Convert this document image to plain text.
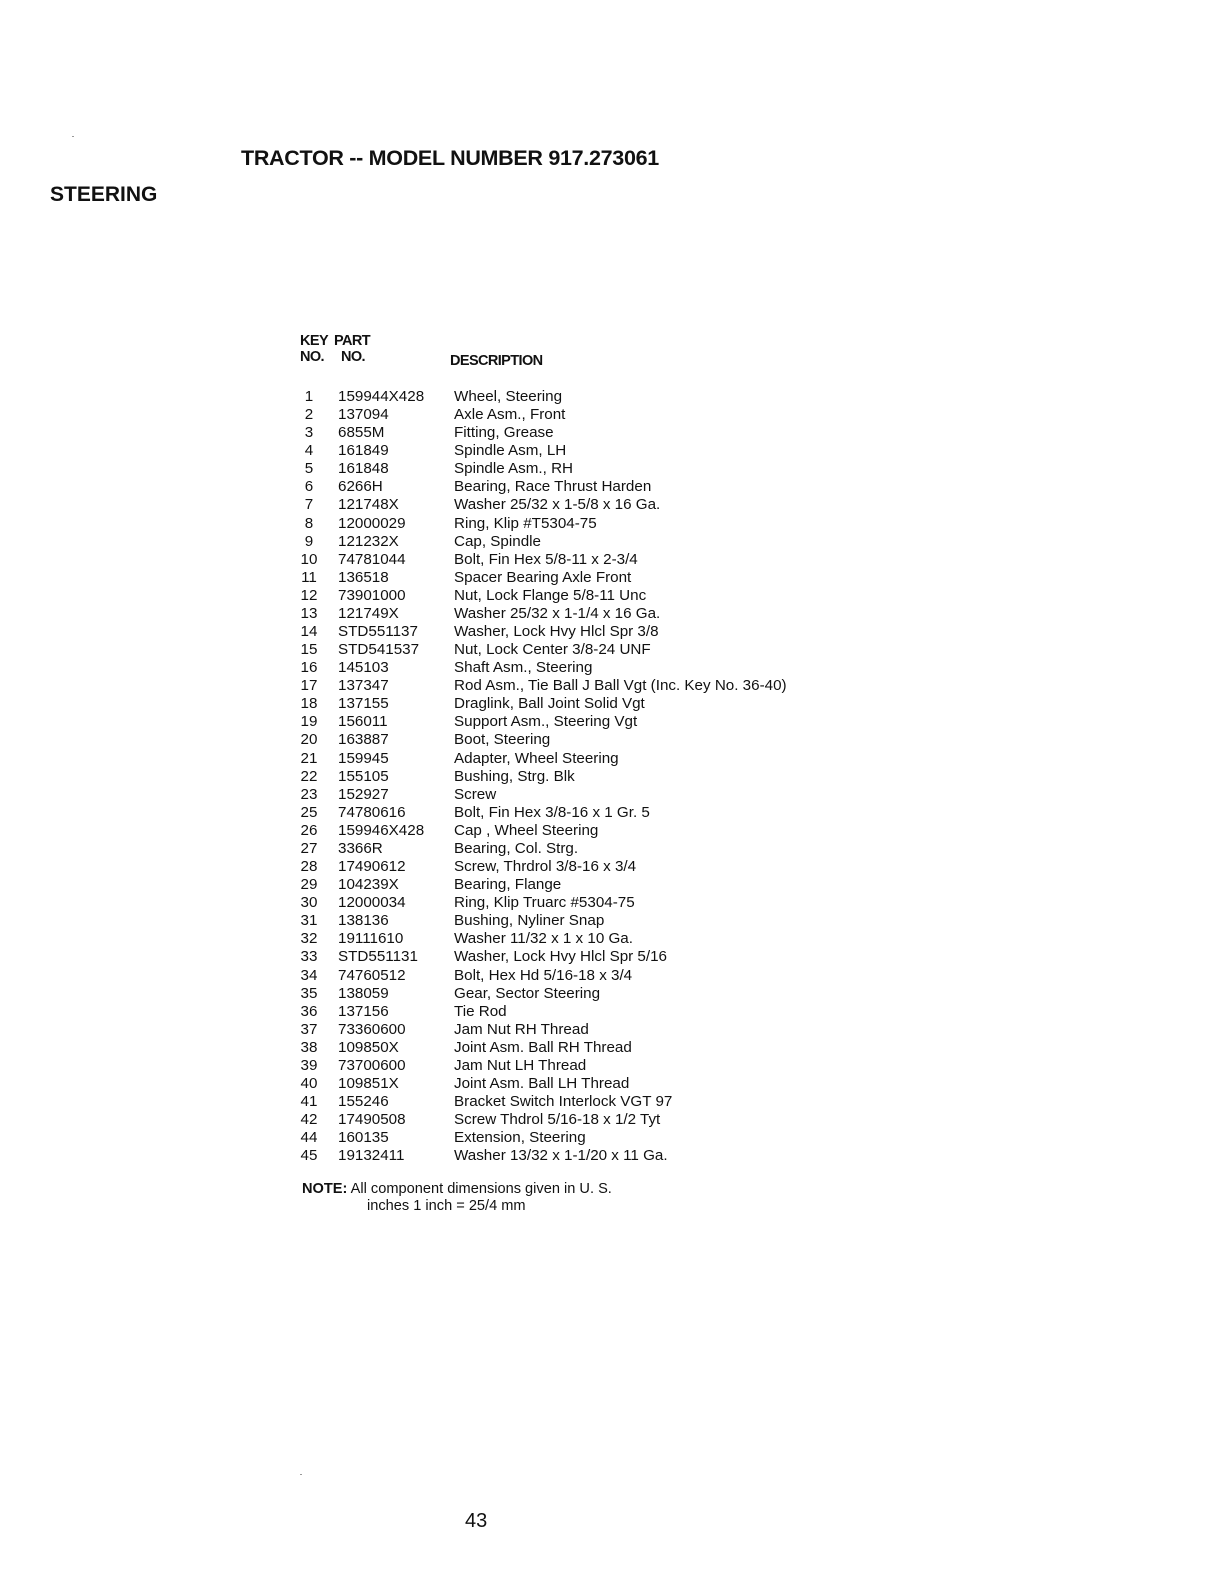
TRACTOR -- MODEL NUMBER 917.273061
STEERING
KEY PART
NO. NO.	DESCRIPTION
1	159944X428 Wheel, Steering
2	137094	Axle Asm., Front
3	6855M	Fitting, Grease
4	161849	Spindle Asm, LH
5	161848	Spindle Asm., RH
6	6266H	Bearing, Race Thrust Harden
7	121748X	Washer 25/32 x 1-5/8 x 16 Ga.
8	12000029	Ring, Klip #T5304-75
9	121232X	Cap, Spindle
10 74781044	Bolt, Fin Hex 5/8-11 x 2-3/4
11	136518	Spacer Bearing Axle Front
12 73901000	Nut, Lock Flange 5/8-11 Unc
13 121749X	Washer 25/32 x 1-1/4 x 16 Ga.
14 STD551137 Washer, Lock Hvy Hlcl Spr 3/8
15 STD541537 Nut, Lock Center 3/8-24 UNF
16 145103	Shaft Asm., Steering
17 137347	Rod Asm., Tie Ball J Ball Vgt (Inc. Key No. 36-40)
18 137155	Draglink, Ball Joint Solid Vgt
19 156011	Support Asm., Steering Vgt
20 163887	Boot, Steering
21 159945	Adapter, Wheel Steering
22 155105	Bushing, Strg. Blk
23 152927	Screw
25 74780616	Bolt, Fin Hex 3/8-16 x 1 Gr. 5
26 159946X428 Cap , Wheel Steering
27 3366R	Bearing, Col. Strg.
28 17490612	Screw, Thrdrol 3/8-16 x 3/4
29 104239X	Bearing, Flange
30 12000034	Ring, Klip Truarc #5304-75
31 138136	Bushing, Nyliner Snap
32 19111610	Washer 11/32 x 1 x 10 Ga.
33 STD551131 Washer, Lock Hvy Hlcl Spr 5/16
34 74760512	Bolt, Hex Hd 5/16-18 x 3/4
35 138059	Gear, Sector Steering
36 137156	Tie Rod
37 73360600	Jam Nut RH Thread
38 109850X	Joint Asm. Ball RH Thread
39 73700600	Jam Nut LH Thread
40 109851X	Joint Asm. Ball LH Thread
41 155246	Bracket Switch Interlock VGT 97
42 17490508	Screw Thdrol 5/16-18 x 1/2 Tyt
44 160135	Extension, Steering
45 19132411	Washer 13/32 x 1-1/20 x 11 Ga.
NOTE: All component dimensions given in U. S.
inches 1 inch = 25/4 mm
43
